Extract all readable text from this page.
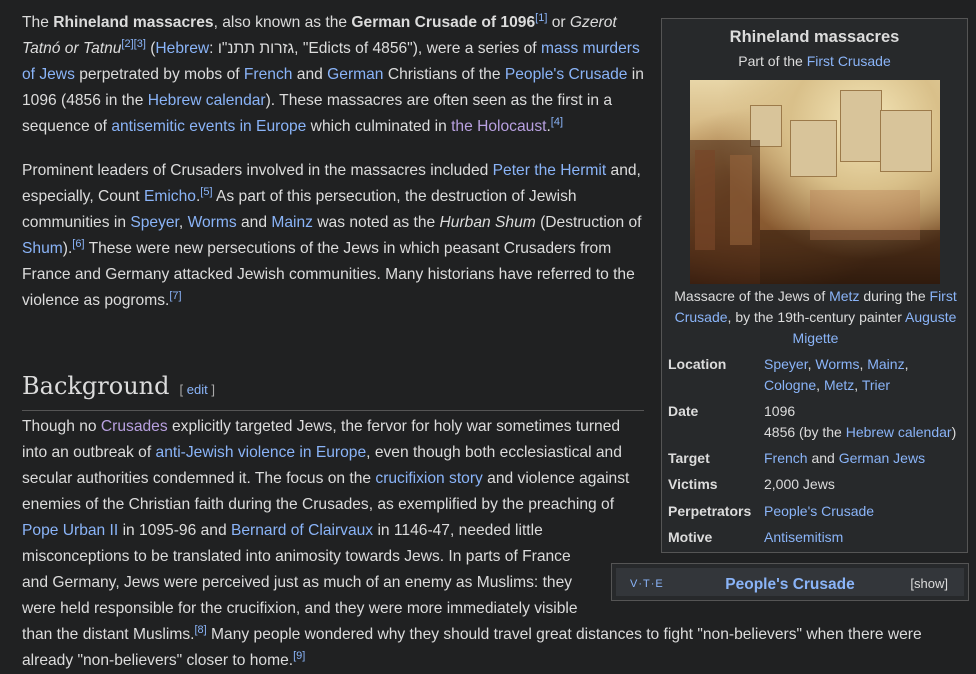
The Rhineland massacres, also known as the German Crusade of 1096[1] or Gzerot Tatnó or Tatnu[2][3] (Hebrew: גזרות תתנ"ו, "Edicts of 4856"), were a series of mass murders of Jews perpetrated by mobs of French and German Christians of the People's Crusade in 1096 (4856 in the Hebrew calendar). These massacres are often seen as the first in a sequence of antisemitic events in Europe which culminated in the Holocaust.[4]

Prominent leaders of Crusaders involved in the massacres included Peter the Hermit and, especially, Count Emicho.[5] As part of this persecution, the destruction of Jewish communities in Speyer, Worms and Mainz was noted as the Hurban Shum (Destruction of Shum).[6] These were new persecutions of the Jews in which peasant Crusaders from France and Germany attacked Jewish communities. Many historians have referred to the violence as pogroms.[7]

Background [ edit ]

Though no Crusades explicitly targeted Jews, the fervor for holy war sometimes turned
into an outbreak of anti-Jewish violence in Europe, even though both ecclesiastical and
secular authorities condemned it. The focus on the crucifixion story and violence against
enemies of the Christian faith during the Crusades, as exemplified by the preaching of
Pope Urban II in 1095-96 and Bernard of Clairvaux in 1146-47, needed little
misconceptions to be translated into animosity towards Jews. In parts of France
and Germany, Jews were perceived just as much of an enemy as Muslims: they
were held responsible for the crucifixion, and they were more immediately visible
than the distant Muslims.[8] Many people wondered why they should travel great distances to fight "non-believers" when there were
already "non-believers" closer to home.[9]

Rhineland massacres
Part of the First Crusade
Massacre of the Jews of Metz during the First Crusade, by the 19th-century painter Auguste Migette
Location	Speyer, Worms, Mainz,
Cologne, Metz, Trier
Date	1096
4856 (by the Hebrew calendar)
Target	French and German Jews
Victims	2,000 Jews
Perpetrators People's Crusade
Motive	Antisemitism
V·T·E	People's Crusade	[show]
